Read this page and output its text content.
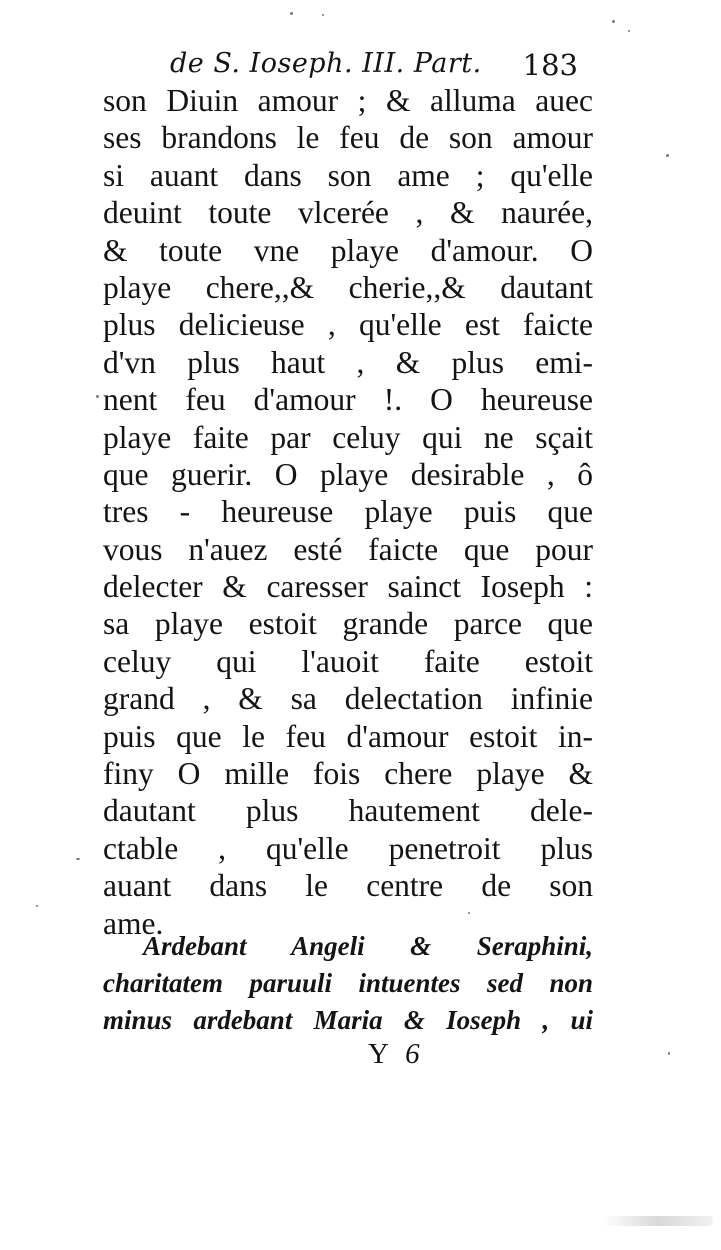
de S. Ioseph. III. Part. 183
son Diuin amour ; & alluma auec
ses brandons le feu de son amour
si auant dans son ame ; qu'elle
deuint toute vlcerée , & naurée,
& toute vne playe d'amour. O
playe chere,,& cherie,,& dautant
plus delicieuse , qu'elle est faicte
d'vn plus haut , & plus emi-
nent feu d'amour !. O heureuse
playe faite par celuy qui ne sçait
que guerir. O playe desirable , ô
tres - heureuse playe puis que
vous n'auez esté faicte que pour
delecter & caresser sainct Ioseph :
sa playe estoit grande parce que
celuy qui l'auoit faite estoit
grand , & sa delectation infinie
puis que le feu d'amour estoit in-
finy O mille fois chere playe &
dautant plus hautement dele-
ctable , qu'elle penetroit plus
auant dans le centre de son
ame.
Ardebant Angeli & Seraphini,
charitatem paruuli intuentes sed non
minus ardebant Maria & Ioseph , ui
Y 6
